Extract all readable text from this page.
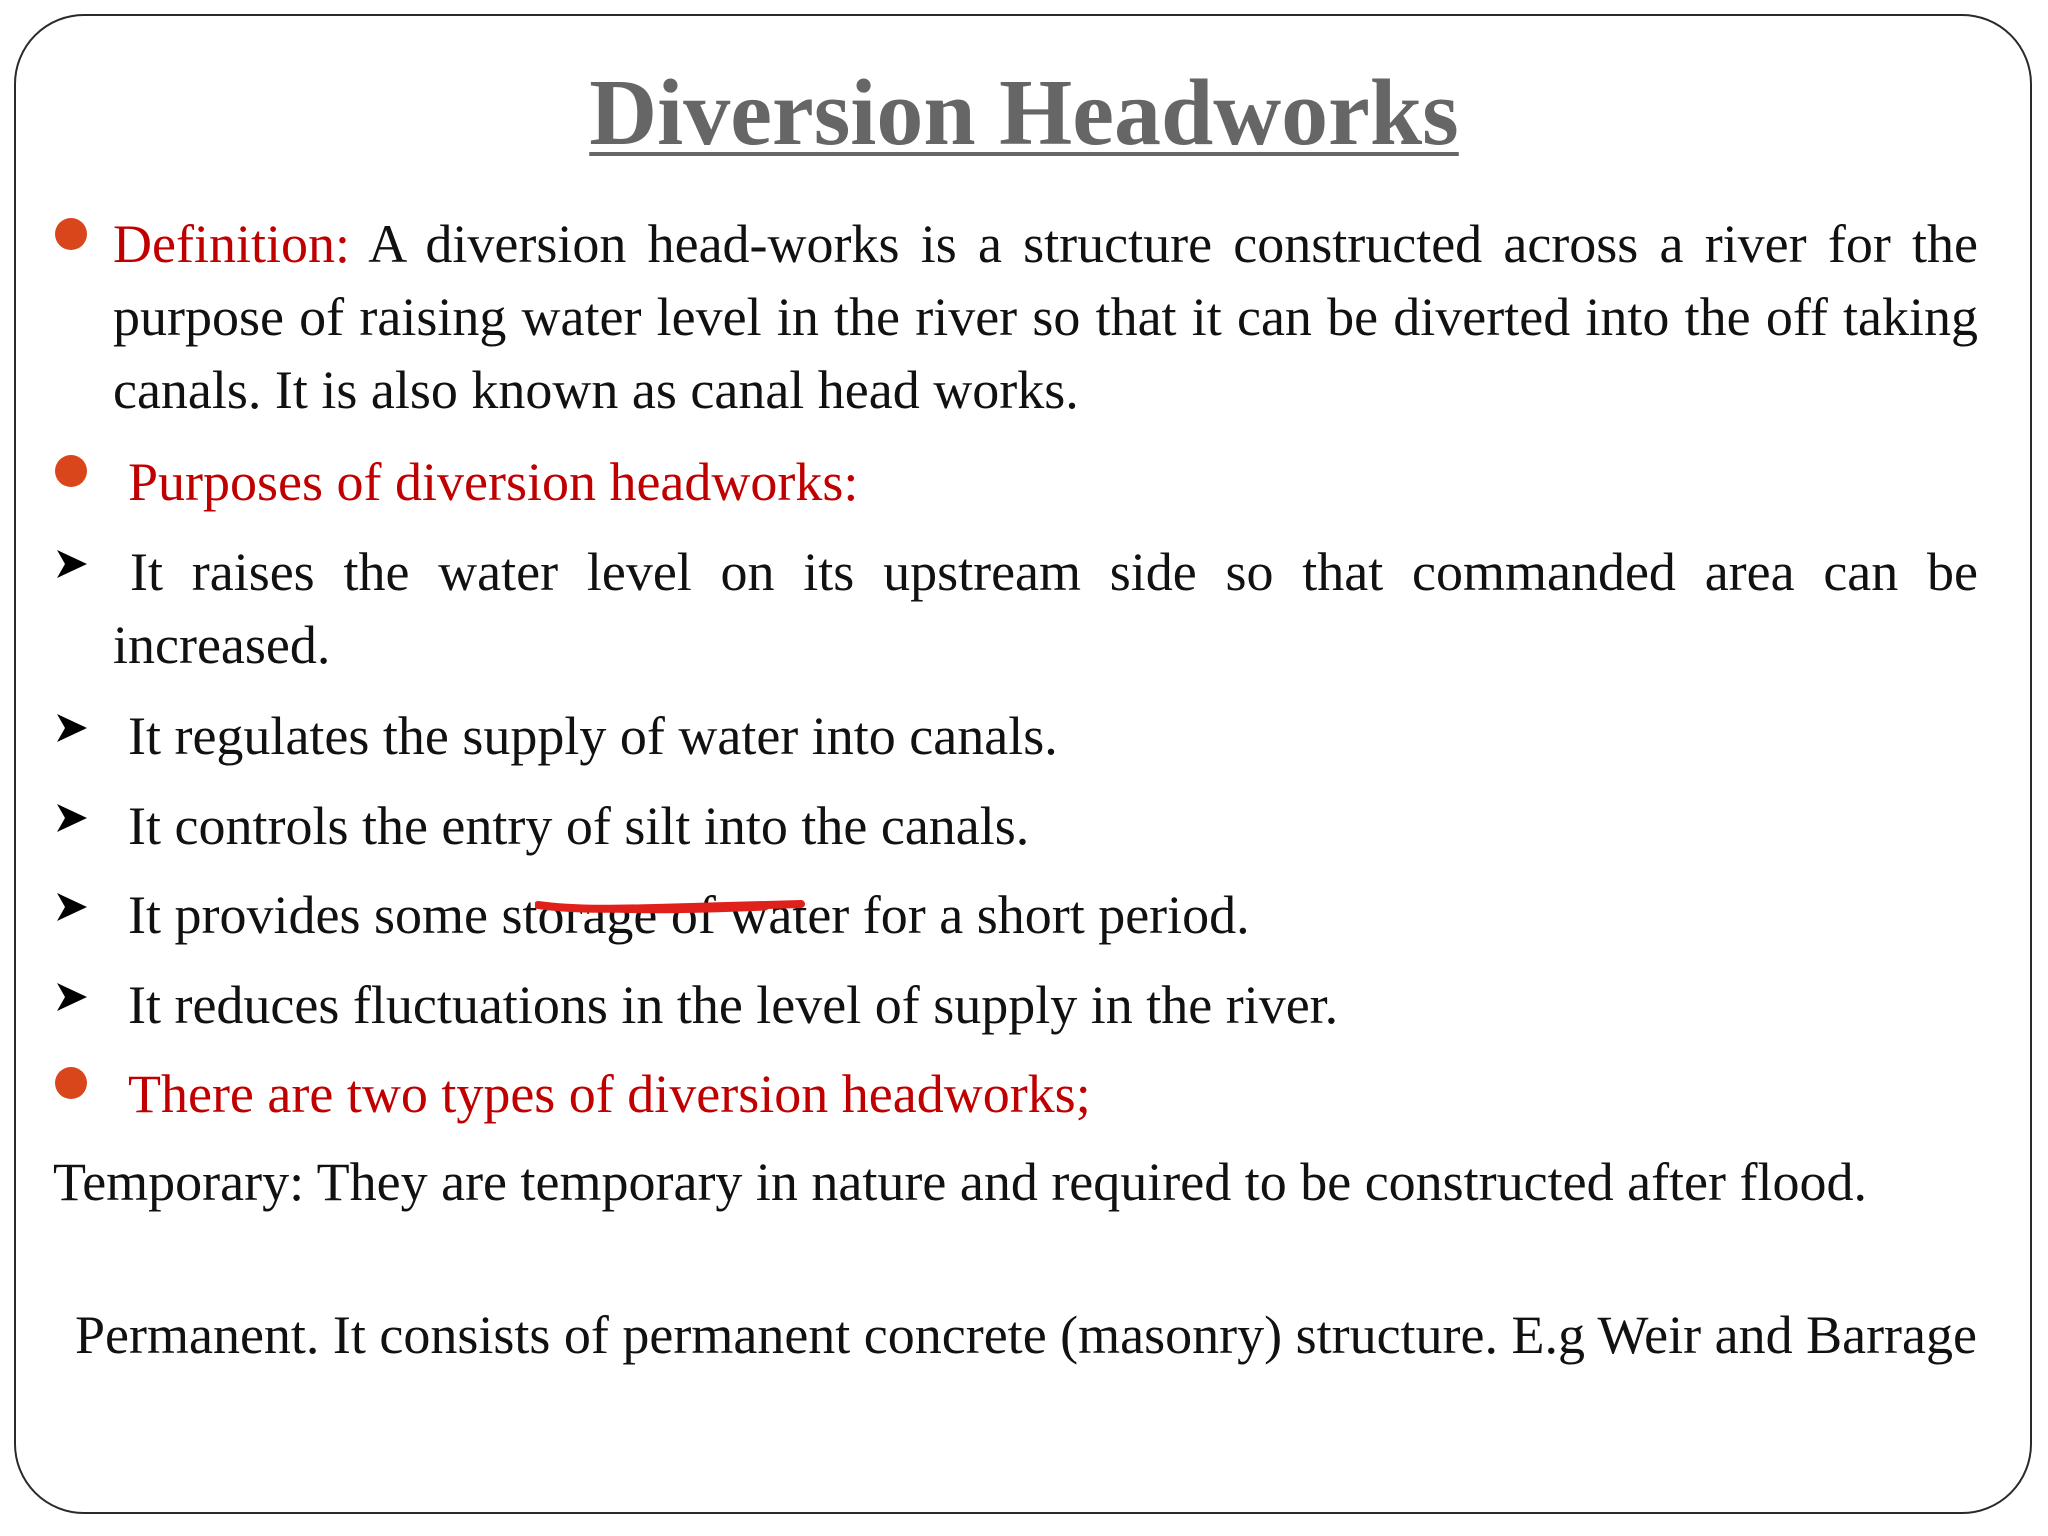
Diversion Headworks
Definition: A diversion head-works is a structure constructed across a river for the purpose of raising water level in the river so that it can be diverted into the off taking canals. It is also known as canal head works.
Purposes of diversion headworks:
It raises the water level on its upstream side so that commanded area can be increased.
It regulates the supply of water into canals.
It controls the entry of silt into the canals.
It provides some storage of water for a short period.
It reduces fluctuations in the level of supply in the river.
There are two types of diversion headworks;
Temporary: They are temporary in nature and required to be constructed after flood.
Permanent. It consists of permanent concrete (masonry) structure. E.g Weir and Barrage
